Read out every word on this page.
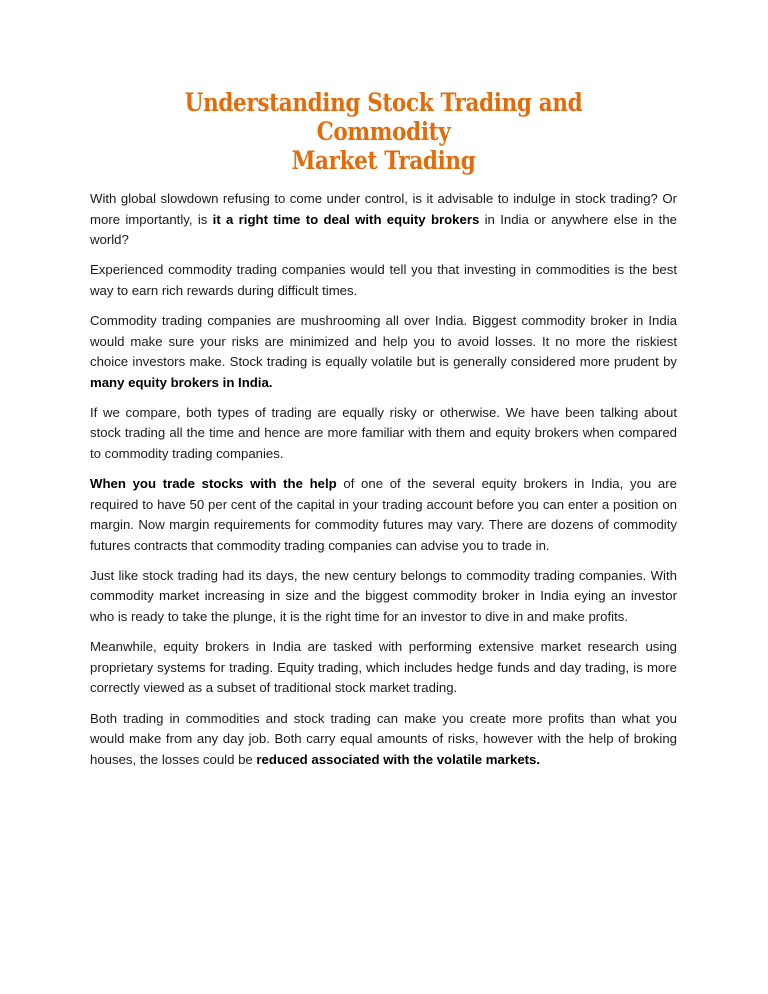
Understanding Stock Trading and Commodity
Market Trading

With global slowdown refusing to come under control, is it advisable to indulge in stock trading? Or more importantly, is it a right time to deal with equity brokers in India or anywhere else in the world?

Experienced commodity trading companies would tell you that investing in commodities is the best way to earn rich rewards during difficult times.

Commodity trading companies are mushrooming all over India. Biggest commodity broker in India would make sure your risks are minimized and help you to avoid losses. It no more the riskiest choice investors make. Stock trading is equally volatile but is generally considered more prudent by many equity brokers in India.

If we compare, both types of trading are equally risky or otherwise. We have been talking about stock trading all the time and hence are more familiar with them and equity brokers when compared to commodity trading companies.

When you trade stocks with the help of one of the several equity brokers in India, you are required to have 50 per cent of the capital in your trading account before you can enter a position on margin. Now margin requirements for commodity futures may vary. There are dozens of commodity futures contracts that commodity trading companies can advise you to trade in.

Just like stock trading had its days, the new century belongs to commodity trading companies. With commodity market increasing in size and the biggest commodity broker in India eying an investor who is ready to take the plunge, it is the right time for an investor to dive in and make profits.

Meanwhile, equity brokers in India are tasked with performing extensive market research using proprietary systems for trading. Equity trading, which includes hedge funds and day trading, is more correctly viewed as a subset of traditional stock market trading.

Both trading in commodities and stock trading can make you create more profits than what you would make from any day job. Both carry equal amounts of risks, however with the help of broking houses, the losses could be reduced associated with the volatile markets.
